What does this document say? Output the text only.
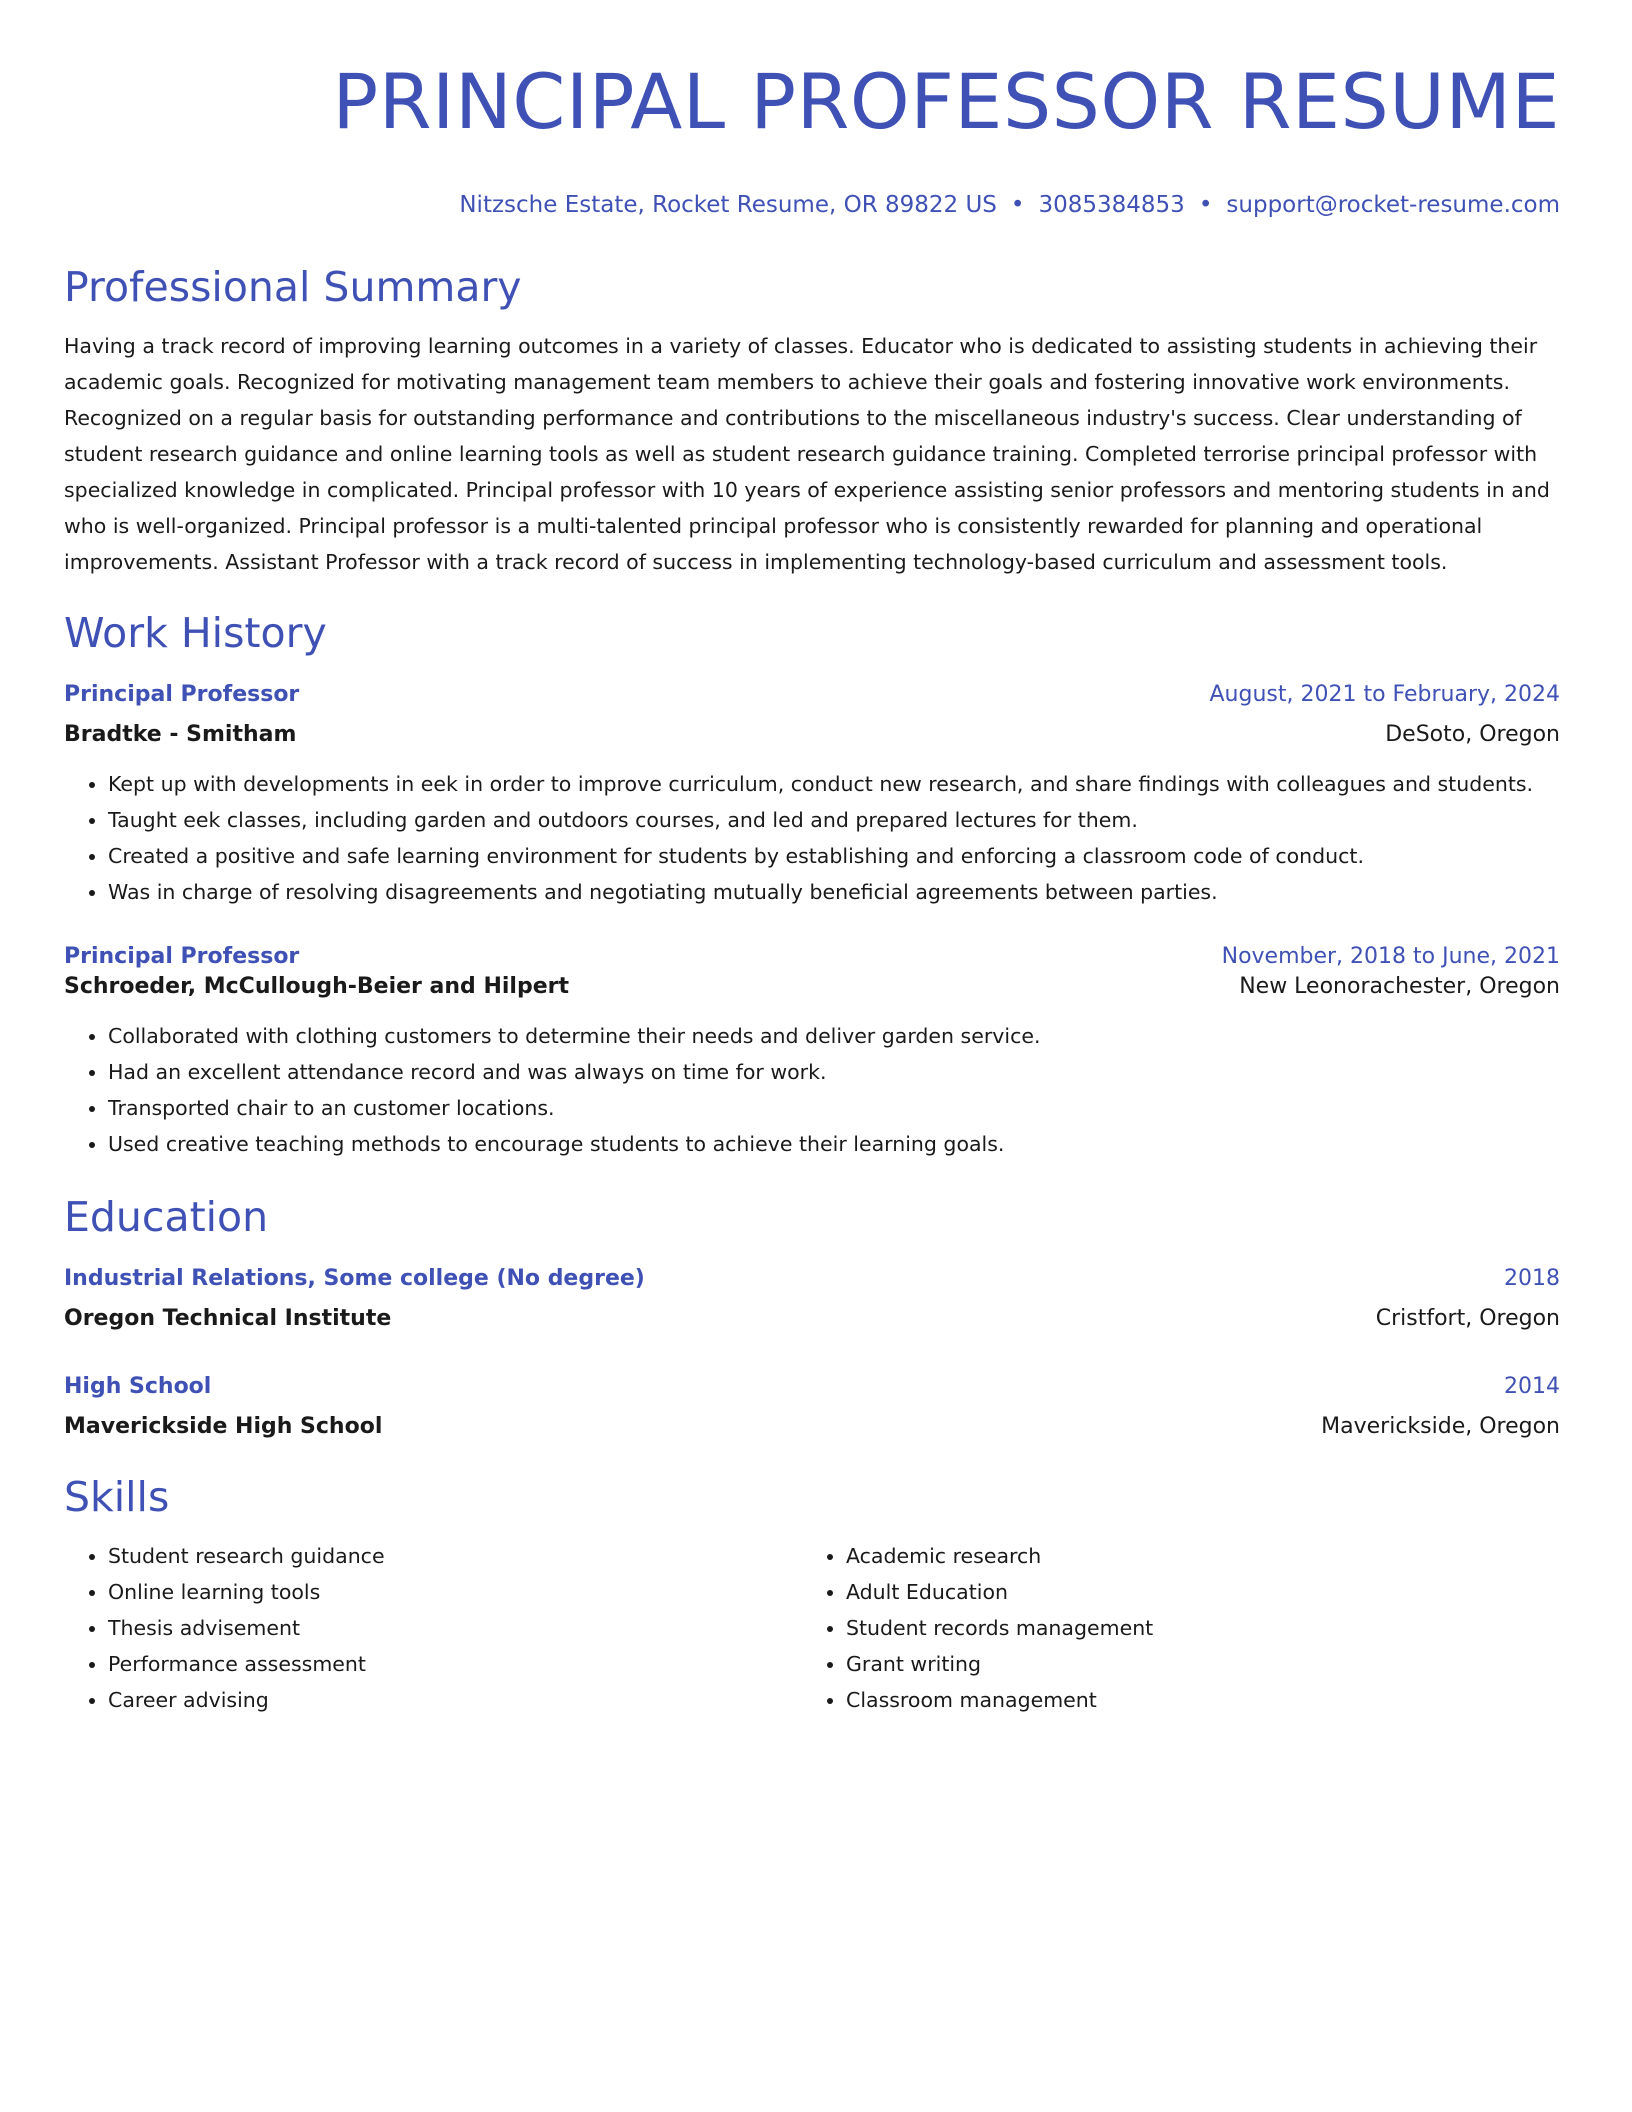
PRINCIPAL PROFESSOR RESUME
Nitzsche Estate, Rocket Resume, OR 89822 US • 3085384853 • support@rocket-resume.com
Professional Summary

Having a track record of improving learning outcomes in a variety of classes. Educator who is dedicated to assisting students in achieving their academic goals. Recognized for motivating management team members to achieve their goals and fostering innovative work environments. Recognized on a regular basis for outstanding performance and contributions to the miscellaneous industry's success. Clear understanding of student research guidance and online learning tools as well as student research guidance training. Completed terrorise principal professor with specialized knowledge in complicated. Principal professor with 10 years of experience assisting senior professors and mentoring students in and who is well-organized. Principal professor is a multi-talented principal professor who is consistently rewarded for planning and operational improvements. Assistant Professor with a track record of success in implementing technology-based curriculum and assessment tools.

Work History
Principal Professor	August, 2021 to February, 2024
Bradtke - Smitham	DeSoto, Oregon
• Kept up with developments in eek in order to improve curriculum, conduct new research, and share findings with colleagues and students.
• Taught eek classes, including garden and outdoors courses, and led and prepared lectures for them.
• Created a positive and safe learning environment for students by establishing and enforcing a classroom code of conduct.
• Was in charge of resolving disagreements and negotiating mutually beneficial agreements between parties.
Principal Professor	November, 2018 to June, 2021
Schroeder, McCullough-Beier and Hilpert	New Leonorachester, Oregon
• Collaborated with clothing customers to determine their needs and deliver garden service.
• Had an excellent attendance record and was always on time for work.
• Transported chair to an customer locations.
• Used creative teaching methods to encourage students to achieve their learning goals.
Education
Industrial Relations, Some college (No degree)	2018
Oregon Technical Institute	Cristfort, Oregon
High School	2014
Maverickside High School	Maverickside, Oregon
Skills
• Student research guidance
• Online learning tools
• Thesis advisement
• Performance assessment
• Career advising
• Academic research
• Adult Education
• Student records management
• Grant writing
• Classroom management
